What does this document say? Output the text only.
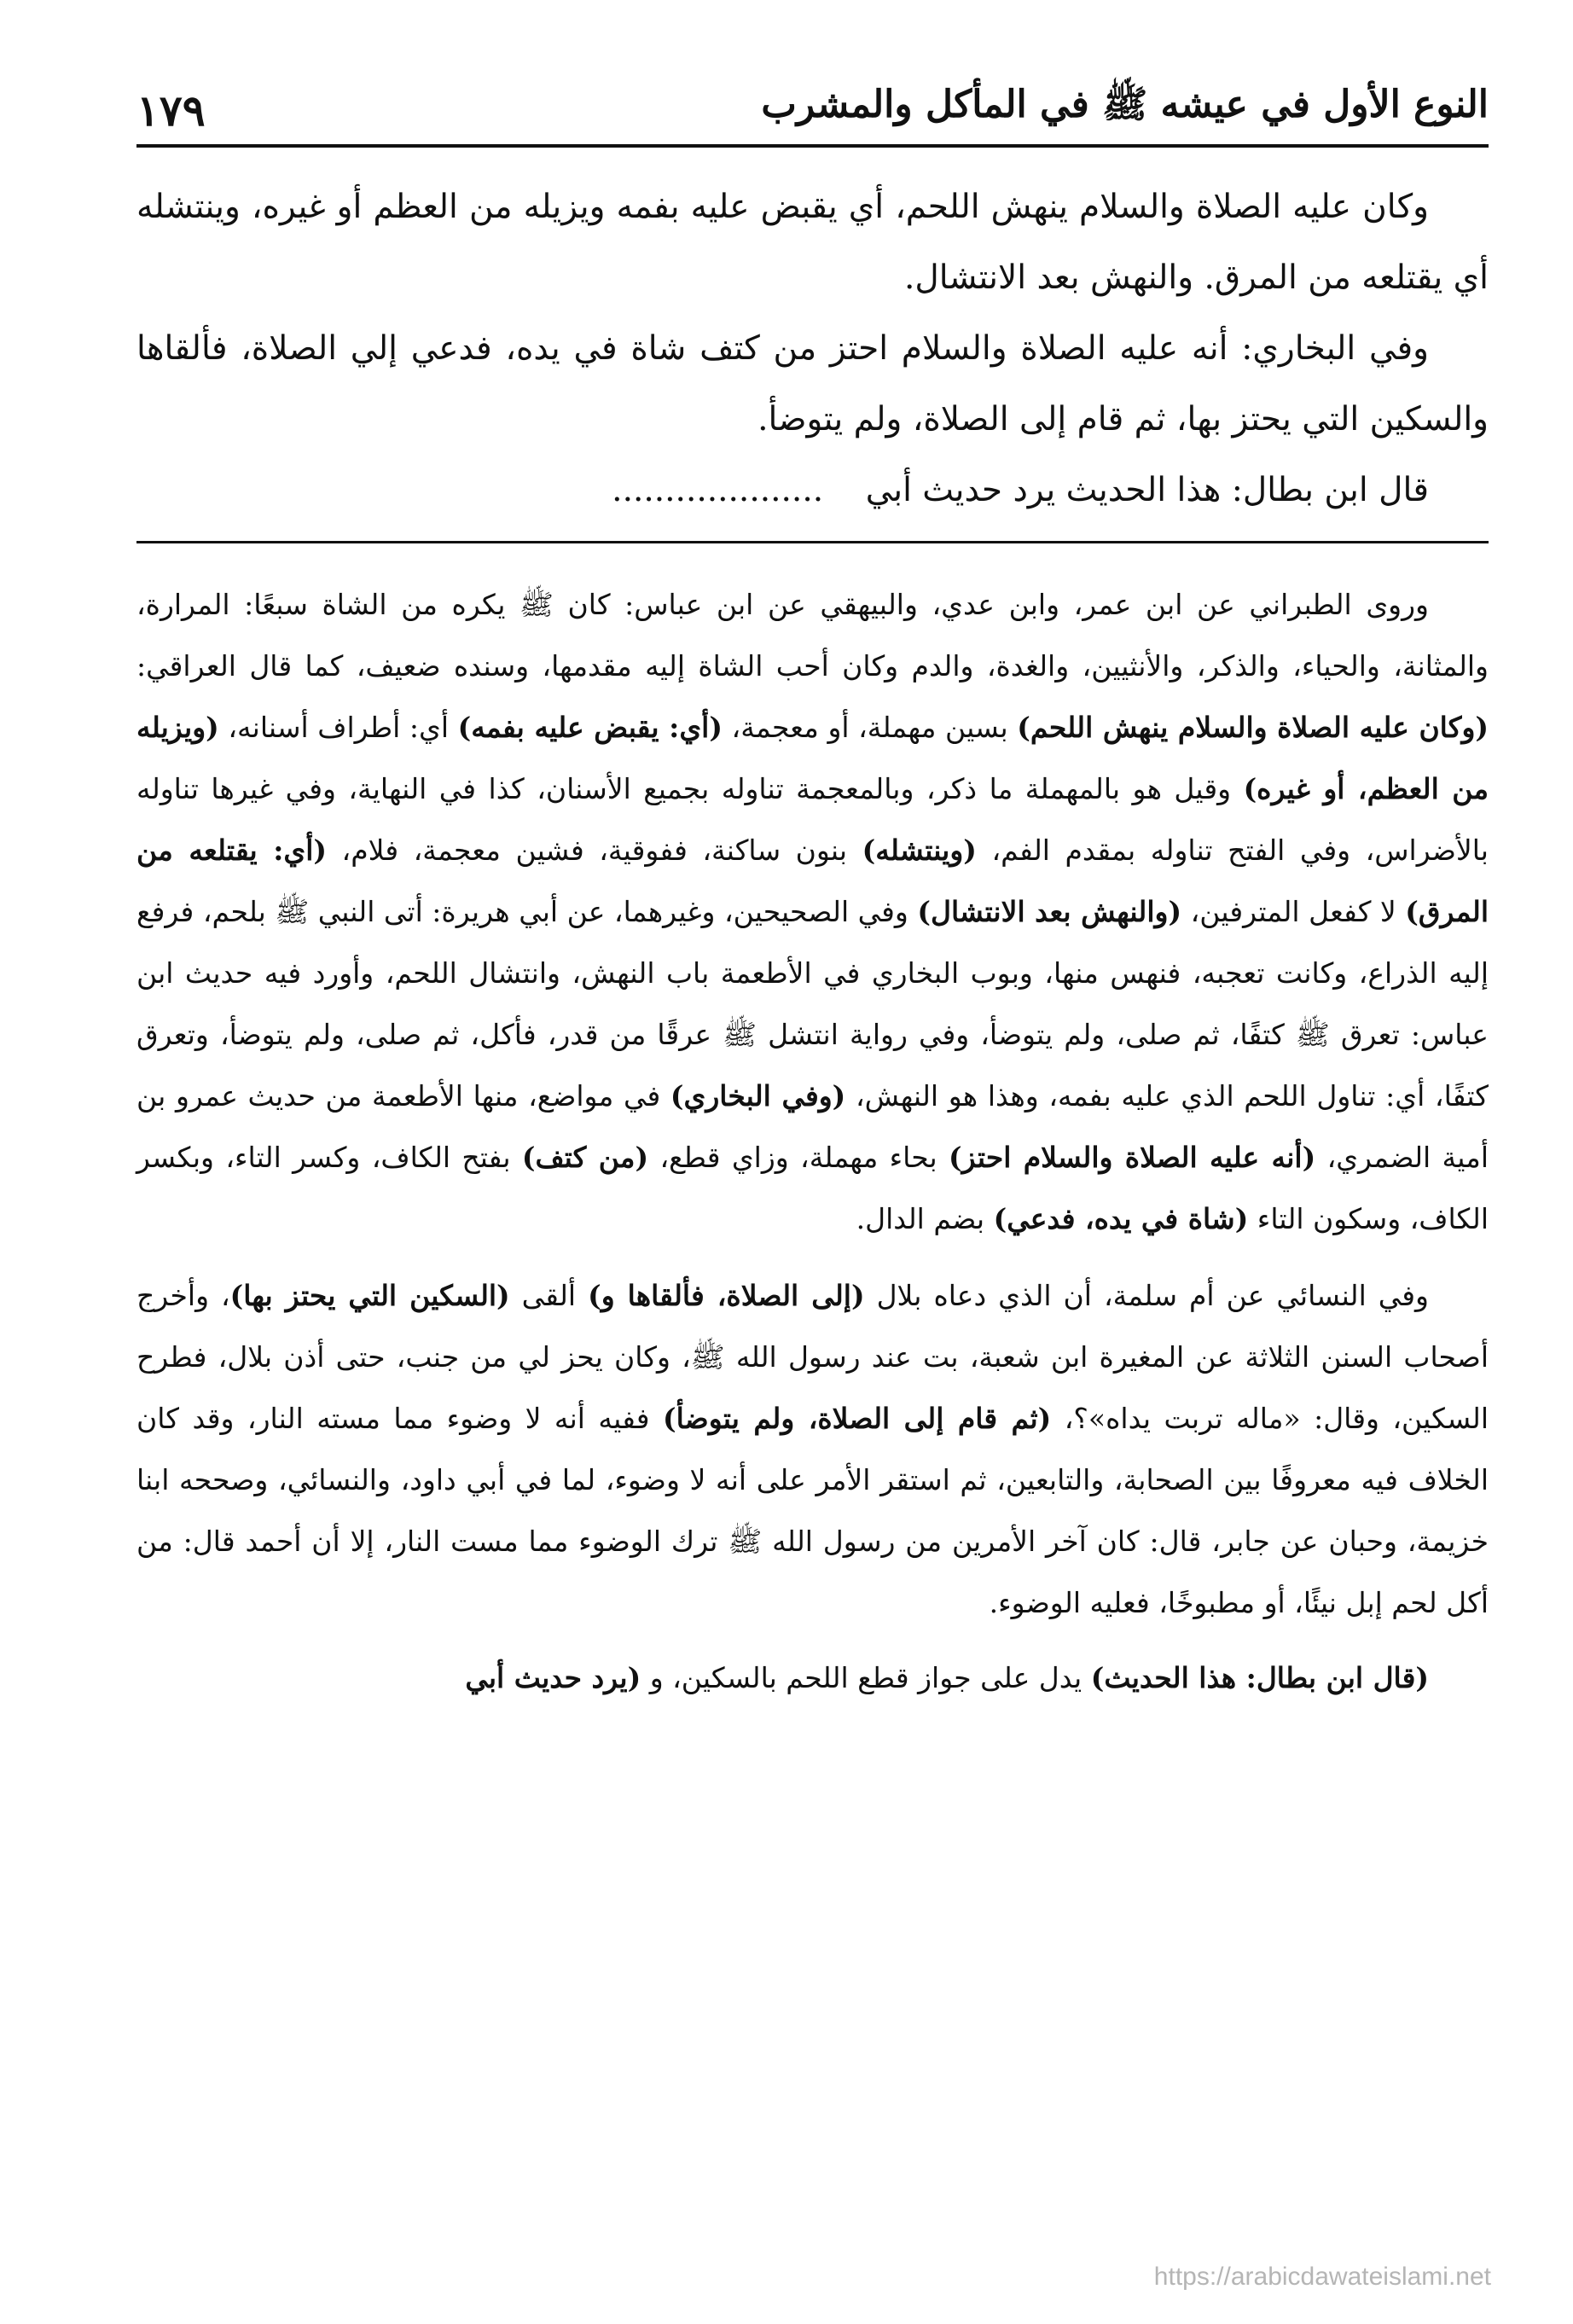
النوع الأول في عيشه ﷺ في المأكل والمشرب
١٧٩

وكان عليه الصلاة والسلام ينهش اللحم، أي يقبض عليه بفمه ويزيله من العظم أو غيره، وينتشله أي يقتلعه من المرق. والنهش بعد الانتشال.

وفي البخاري: أنه عليه الصلاة والسلام احتز من كتف شاة في يده، فدعي إلي الصلاة، فألقاها والسكين التي يحتز بها، ثم قام إلى الصلاة، ولم يتوضأ.

قال ابن بطال: هذا الحديث يرد حديث أبي    ....................

وروى الطبراني عن ابن عمر، وابن عدي، والبيهقي عن ابن عباس: كان ﷺ يكره من الشاة سبعًا: المرارة، والمثانة، والحياء، والذكر، والأنثيين، والغدة، والدم وكان أحب الشاة إليه مقدمها، وسنده ضعيف، كما قال العراقي: (وكان عليه الصلاة والسلام ينهش اللحم) بسين مهملة، أو معجمة، (أي: يقبض عليه بفمه) أي: أطراف أسنانه، (ويزيله من العظم، أو غيره) وقيل هو بالمهملة ما ذكر، وبالمعجمة تناوله بجميع الأسنان، كذا في النهاية، وفي غيرها تناوله بالأضراس، وفي الفتح تناوله بمقدم الفم، (وينتشله) بنون ساكنة، ففوقية، فشين معجمة، فلام، (أي: يقتلعه من المرق) لا كفعل المترفين، (والنهش بعد الانتشال) وفي الصحيحين، وغيرهما، عن أبي هريرة: أتى النبي ﷺ بلحم، فرفع إليه الذراع، وكانت تعجبه، فنهس منها، وبوب البخاري في الأطعمة باب النهش، وانتشال اللحم، وأورد فيه حديث ابن عباس: تعرق ﷺ كتفًا، ثم صلى، ولم يتوضأ، وفي رواية انتشل ﷺ عرقًا من قدر، فأكل، ثم صلى، ولم يتوضأ، وتعرق كتفًا، أي: تناول اللحم الذي عليه بفمه، وهذا هو النهش، (وفي البخاري) في مواضع، منها الأطعمة من حديث عمرو بن أمية الضمري، (أنه عليه الصلاة والسلام احتز) بحاء مهملة، وزاي قطع، (من كتف) بفتح الكاف، وكسر التاء، وبكسر الكاف، وسكون التاء (شاة في يده، فدعي) بضم الدال.

وفي النسائي عن أم سلمة، أن الذي دعاه بلال (إلى الصلاة، فألقاها و) ألقى (السكين التي يحتز بها)، وأخرج أصحاب السنن الثلاثة عن المغيرة ابن شعبة، بت عند رسول الله ﷺ، وكان يحز لي من جنب، حتى أذن بلال، فطرح السكين، وقال: «ماله تربت يداه»؟، (ثم قام إلى الصلاة، ولم يتوضأ) ففيه أنه لا وضوء مما مسته النار، وقد كان الخلاف فيه معروفًا بين الصحابة، والتابعين، ثم استقر الأمر على أنه لا وضوء، لما في أبي داود، والنسائي، وصححه ابنا خزيمة، وحبان عن جابر، قال: كان آخر الأمرين من رسول الله ﷺ ترك الوضوء مما مست النار، إلا أن أحمد قال: من أكل لحم إبل نيئًا، أو مطبوخًا، فعليه الوضوء.

(قال ابن بطال: هذا الحديث) يدل على جواز قطع اللحم بالسكين، و (يرد حديث أبي

https://arabicdawateislami.net
